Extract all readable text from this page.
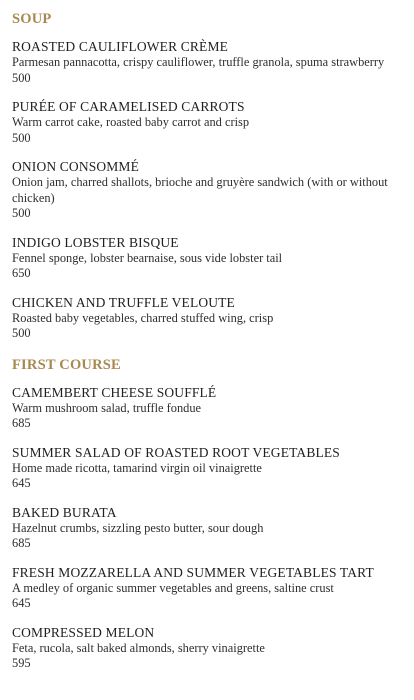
SOUP
ROASTED CAULIFLOWER CRÈME
Parmesan pannacotta, crispy cauliflower, truffle granola, spuma strawberry
500
PURÉE OF CARAMELISED CARROTS
Warm carrot cake, roasted baby carrot and crisp
500
ONION CONSOMMÉ
Onion jam, charred shallots, brioche and gruyère sandwich (with or without chicken)
500
INDIGO LOBSTER BISQUE
Fennel sponge, lobster bearnaise, sous vide lobster tail
650
CHICKEN AND TRUFFLE VELOUTE
Roasted baby vegetables, charred stuffed wing, crisp
500
FIRST COURSE
CAMEMBERT CHEESE SOUFFLÉ
Warm mushroom salad, truffle fondue
685
SUMMER SALAD OF ROASTED ROOT VEGETABLES
Home made ricotta, tamarind virgin oil vinaigrette
645
BAKED BURATA
Hazelnut crumbs, sizzling pesto butter, sour dough
685
FRESH MOZZARELLA AND SUMMER VEGETABLES TART
A medley of organic summer vegetables and greens, saltine crust
645
COMPRESSED MELON
Feta, rucola, salt baked almonds, sherry vinaigrette
595
